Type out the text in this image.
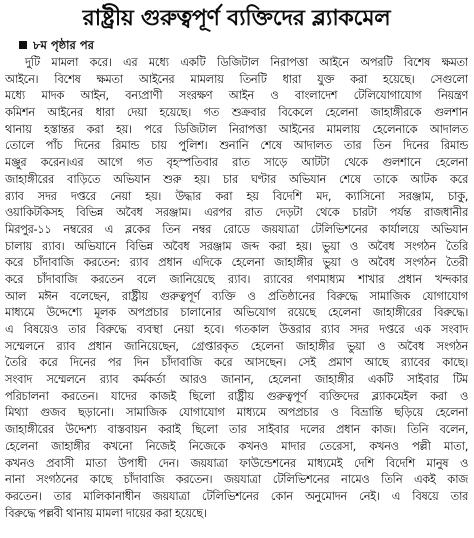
রাষ্ট্রীয় গুরুত্বপূর্ণ ব্যক্তিদের ব্ল্যাকমেল
৮ম পৃষ্ঠার পর
দুটি মামলা করে। এর মধ্যে একটি ডিজিটাল নিরাপত্তা আইনে অপরটি বিশেষ ক্ষমতা
আইনে। বিশেষ ক্ষমতা আইনের মামলায় তিনটি ধারা যুক্ত করা হয়েছে। সেগুলো
মধ্যে মাদক আইন, বন্যপ্রাণী সংরক্ষণ আইন ও বাংলাদেশ টেলিযোগাযোগ নিয়ন্ত্রণ
কমিশন আইনের ধারা দেয়া হয়েছে। গত শুক্রবার বিকেলে হেলেনা জাহাঙ্গীরকে গুলশান
থানায় হস্তান্তর করা হয়। পরে ডিজিটাল নিরাপত্তা আইনের মামলায় হেলেনাকে আদালত
তোলে পাঁচ দিনের রিমান্ড চায় পুলিশ। শুনানি শেষে আদালত তার তিন দিনের রিমান্ড
মঞ্জুর করেন।এর আগে গত বৃহস্পতিবার রাত সাড়ে আটটা থেকে গুলশানে হেলেনা
জাহাঙ্গীরের বাড়িতে অভিযান শুরু হয়। চার ঘণ্টার অভিযান শেষে তাকে আটক করে
র‍্যাব সদর দপ্তরে নেয়া হয়। উদ্ধার করা হয় বিদেশি মদ, ক্যাসিনো সরঞ্জাম, চাকু,
ওয়াকিটকিসহ বিভিন্ন অবৈধ সরঞ্জাম। এরপর রাত দেড়টা থেকে চারটা পর্যন্ত রাজধানীর
মিরপুর-১১ নম্বরের এ ব্লকের তিন নম্বর রোডে জয়যাত্রা টেলিভিশনের কার্যালয়ে অভিযান
চালায় র‍্যাব। অভিযানে বিভিন্ন অবৈধ সরঞ্জাম জব্দ করা হয়। ভুয়া ও অবৈধ সংগঠন তৈরি
করে চাঁদাবাজি করতেন: র‍্যাব প্রধান এদিকে হেলেনা জাহাঙ্গীর ভুয়া ও অবৈধ সংগঠন তৈরী
করে চাঁদাবাজি করতেন বলে জানিয়েছে র‍্যাব। র‍্যাবের গণমাধ্যম শাখার প্রধান খন্দকার
আল মঈন বলেছেন, রাষ্ট্রীয় গুরুত্বপূর্ণ ব্যক্তি ও প্রতিষ্ঠানের বিরুদ্ধে সামাজিক যোগাযোগ
মাধ্যমে উদ্দেশ্যে মূলক অপপ্রচার চালানোর অভিযোগ রয়েছে হেলেনা জাহাঙ্গীরের বিরুদ্ধে।
এ বিষয়েও তার বিরুদ্ধে ব্যবস্থা নেয়া হবে। গতকাল উত্তরার র‍্যাব সদর দপ্তরে এক সংবাদ
সম্মেলনে র‍্যাব প্রধান জানিয়েছেন, গ্রেপ্তারকৃত হেলেনা জাহাঙ্গীর ভুয়া ও অবৈধ সংগঠন
তৈরি করে দিনের পর দিন চাঁদাবাজি করে আসছেন। সেই প্রমাণ আছে র‍্যাবের কাছে।
সংবাদ সম্মেলনে র‍্যাব কর্মকর্তা আরও জানান, হেলেনা জাহাঙ্গীর একটি সাইবার টিম
পরিচালনা করতেন। যাদের কাজই ছিলো রাষ্ট্রীয় গুরুত্বপূর্ণ ব্যক্তিদের ব্ল্যাকমেইল করা ও
মিথ্যা গুজব ছড়ানো। সামাজিক যোগাযোগ মাধ্যমে অপপ্রচার ও বিভ্রান্তি ছড়িয়ে হেলেনা
জাহাঙ্গীরের উদ্দেশ্য বাস্তবায়ন করাই ছিলো তার সাইবার দলের প্রধান কাজ। তিনি বলেন,
হেলেনা জাহাঙ্গীর কখনো নিজেই নিজেকে কখনও মাদার তেরেসা, কখনও পল্লী মাতা,
কখনও প্রবাসী মাতা উপাধী দেন। জয়যাত্রা ফাউন্ডেশনের মাধ্যমেই দেশি বিদেশি মানুষ ও
নানা সংগঠনের কাছে চাঁদাবাজি করতেন। জয়যাত্রা টেলিভিশনের নামেও তিনি একই কাজ
করতেন। তার মালিকানাধীন জয়যাত্রা টেলিভিশনের কোন অনুমোদন নেই। এ বিষয়ে তার
বিরুদ্ধে পল্লবী থানায় মামলা দায়ের করা হয়েছে।
